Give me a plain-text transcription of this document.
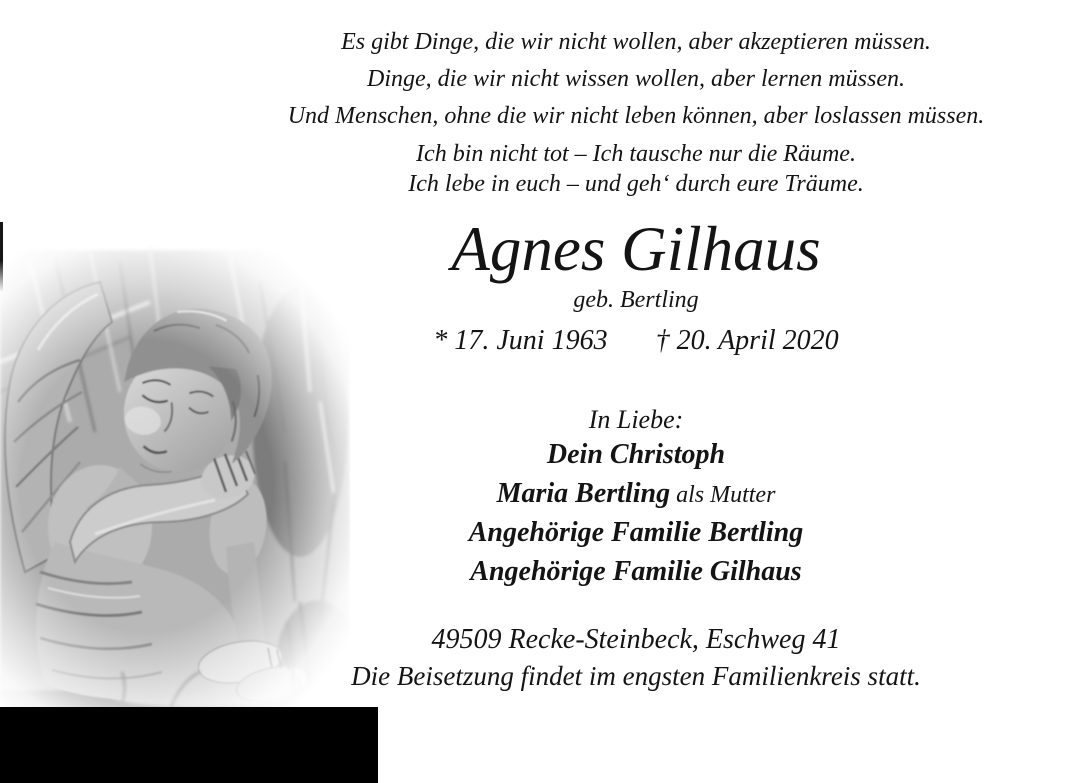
Es gibt Dinge, die wir nicht wollen, aber akzeptieren müssen.
Dinge, die wir nicht wissen wollen, aber lernen müssen.
Und Menschen, ohne die wir nicht leben können, aber loslassen müssen.
Ich bin nicht tot – Ich tausche nur die Räume.
Ich lebe in euch – und geh‘ durch eure Träume.
Agnes Gilhaus
geb. Bertling
* 17. Juni 1963 † 20. April 2020
In Liebe:
Dein Christoph
Maria Bertling als Mutter
Angehörige Familie Bertling
Angehörige Familie Gilhaus
49509 Recke-Steinbeck, Eschweg 41
Die Beisetzung findet im engsten Familienkreis statt.
